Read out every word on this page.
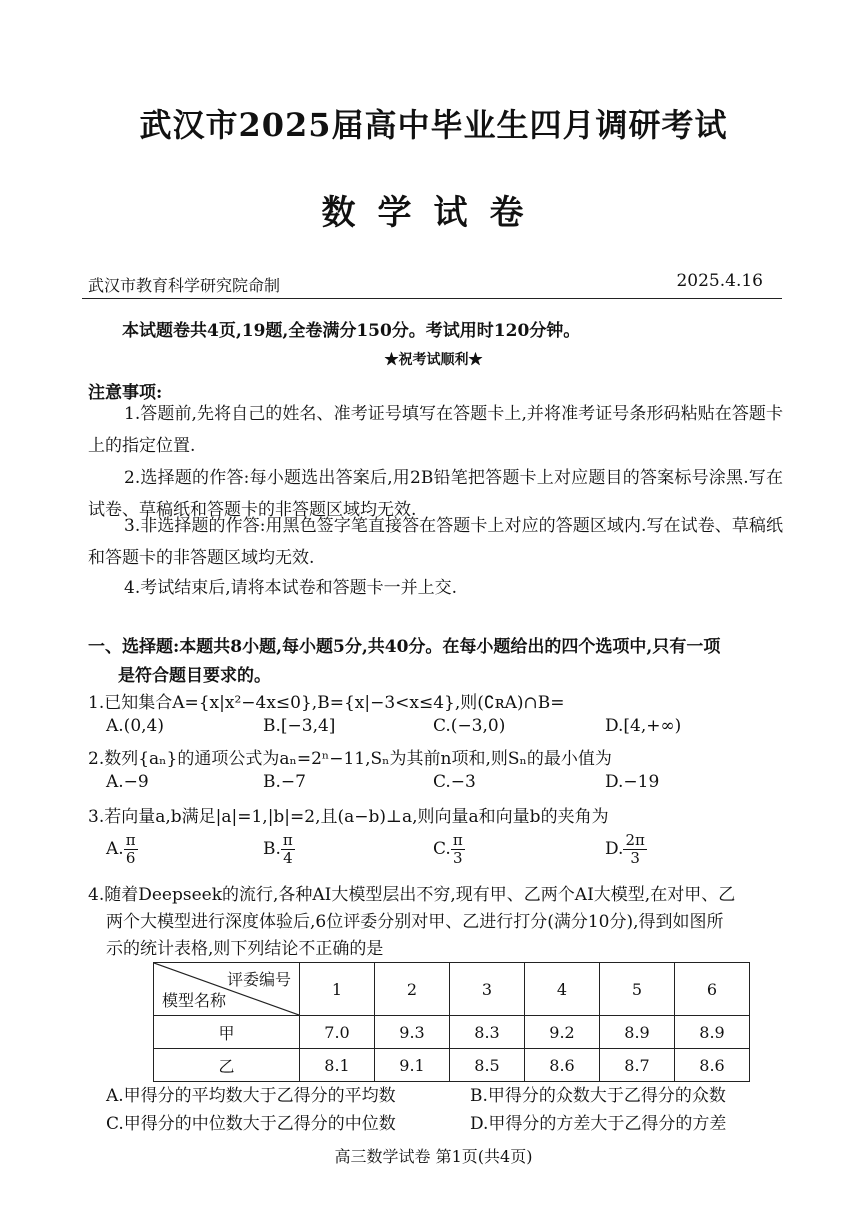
武汉市2025届高中毕业生四月调研考试
数学试卷
武汉市教育科学研究院命制	2025.4.16
本试题卷共4页,19题,全卷满分150分。考试用时120分钟。
★祝考试顺利★
注意事项:
1.答题前,先将自己的姓名、准考证号填写在答题卡上,并将准考证号条形码粘贴在答题卡上的指定位置.
2.选择题的作答:每小题选出答案后,用2B铅笔把答题卡上对应题目的答案标号涂黑.写在试卷、草稿纸和答题卡的非答题区域均无效.
3.非选择题的作答:用黑色签字笔直接答在答题卡上对应的答题区域内.写在试卷、草稿纸和答题卡的非答题区域均无效.
4.考试结束后,请将本试卷和答题卡一并上交.
一、选择题:本题共8小题,每小题5分,共40分。在每小题给出的四个选项中,只有一项
是符合题目要求的。
1.已知集合A={x|x²−4x≤0},B={x|−3<x≤4},则(∁ʀA)∩B=
A.(0,4)	B.[−3,4]	C.(−3,0)	D.[4,+∞)
2.数列{aₙ}的通项公式为aₙ=2ⁿ−11,Sₙ为其前n项和,则Sₙ的最小值为
A.−9	B.−7	C.−3	D.−19
3.若向量a,b满足|a|=1,|b|=2,且(a−b)⊥a,则向量a和向量b的夹角为
A. $\frac{\pi}{6}$	B. $\frac{\pi}{4}$	C. $\frac{\pi}{3}$	D. $\frac{2\pi}{3}$
4.随着Deepseek的流行,各种AI大模型层出不穷,现有甲、乙两个AI大模型,在对甲、乙
两个大模型进行深度体验后,6位评委分别对甲、乙进行打分(满分10分),得到如图所
示的统计表格,则下列结论不正确的是
评委编号
模型名称	1	2	3	4	5	6
甲	7.0	9.3	8.3	9.2	8.9	8.9
乙	8.1	9.1	8.5	8.6	8.7	8.6
A.甲得分的平均数大于乙得分的平均数	B.甲得分的众数大于乙得分的众数
C.甲得分的中位数大于乙得分的中位数	D.甲得分的方差大于乙得分的方差
高三数学试卷 第1页(共4页)
